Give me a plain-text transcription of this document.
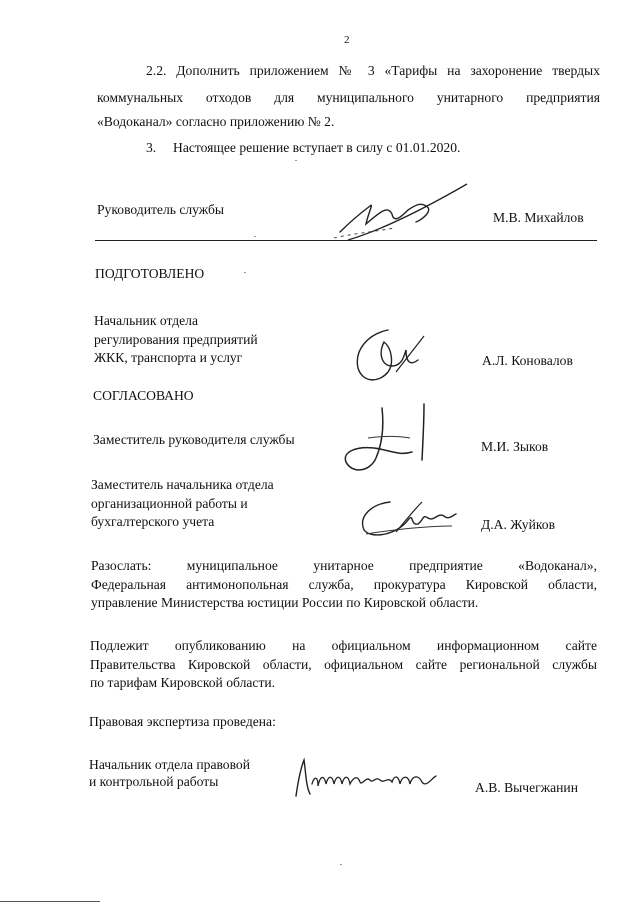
2
2.2. Дополнить приложением № 3 «Тарифы на захоронение твердых
коммунальных отходов для муниципального унитарного предприятия
«Водоканал» согласно приложению № 2.
3. Настоящее решение вступает в силу с 01.01.2020.
Руководитель службы
М.В. Михайлов
ПОДГОТОВЛЕНО
Начальник отдела
регулирования предприятий
ЖКК, транспорта и услуг	А.Л. Коновалов
СОГЛАСОВАНО
Заместитель руководителя службы	М.И. Зыков
Заместитель начальника отдела
организационной работы и
бухгалтерского учета	Д.А. Жуйков
Разослать: муниципальное унитарное предприятие «Водоканал»,
Федеральная антимонопольная служба, прокуратура Кировской области,
управление Министерства юстиции России по Кировской области.
Подлежит опубликованию на официальном информационном сайте
Правительства Кировской области, официальном сайте региональной службы
по тарифам Кировской области.
Правовая экспертиза проведена:
Начальник отдела правовой
и контрольной работы	А.В. Вычегжанин
